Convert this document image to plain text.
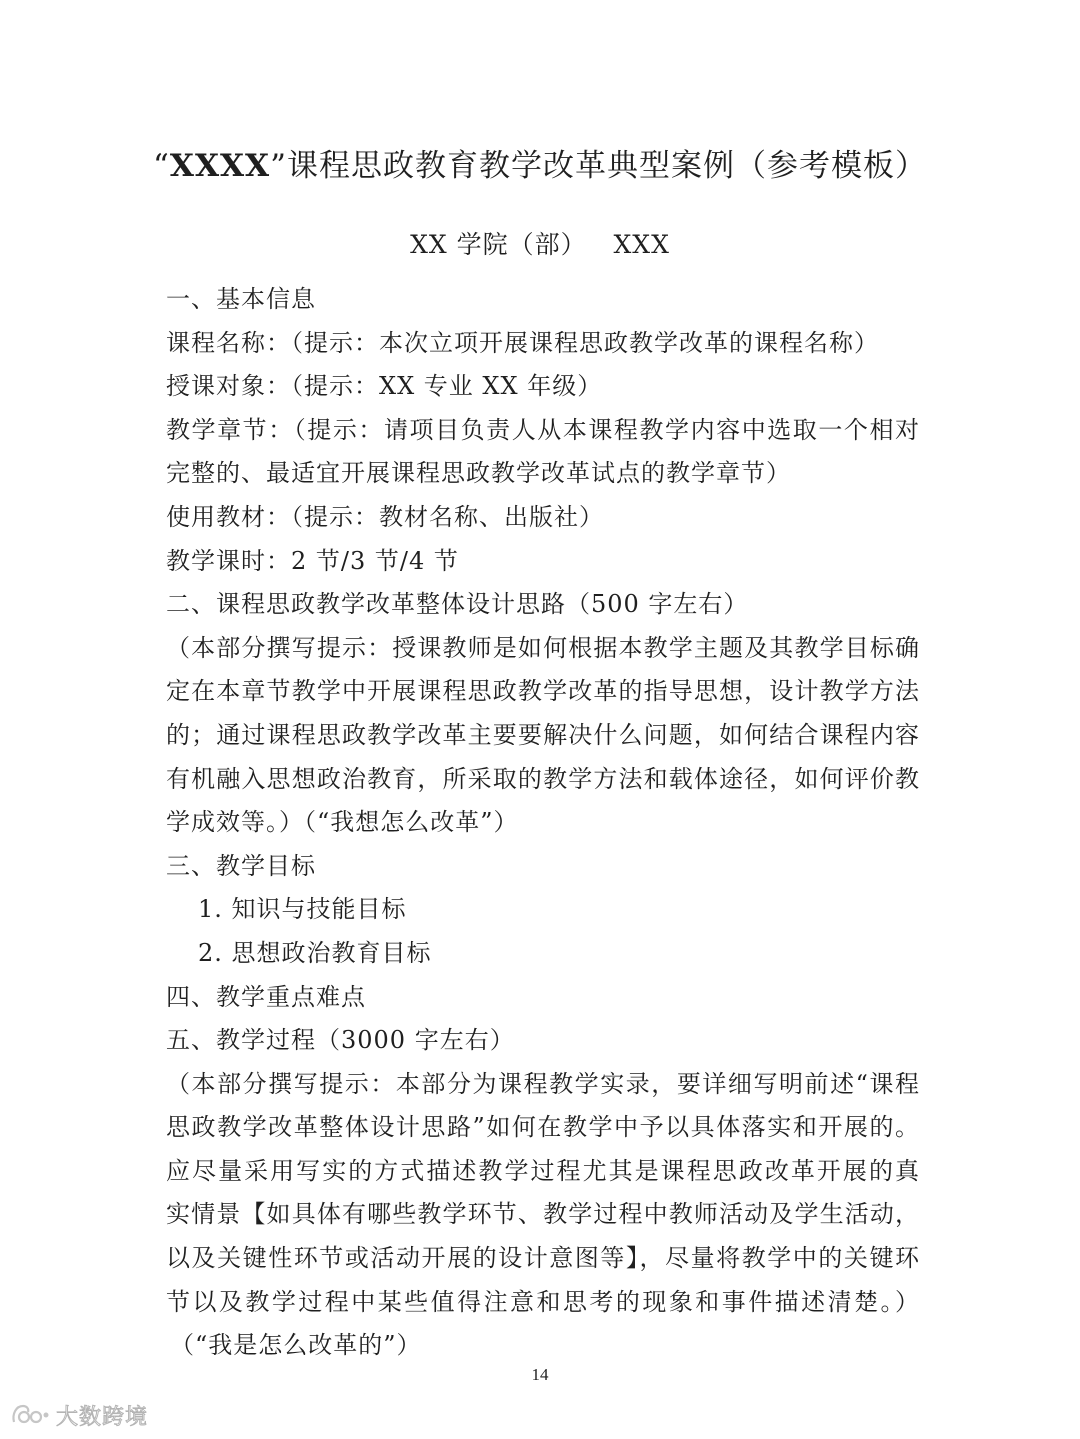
“XXXX”课程思政教育教学改革典型案例（参考模板）
XX 学院（部）   XXX
一、基本信息
课程名称：（提示：本次立项开展课程思政教学改革的课程名称）
授课对象：（提示：XX 专业 XX 年级）
教学章节：（提示：请项目负责人从本课程教学内容中选取一个相对
完整的、最适宜开展课程思政教学改革试点的教学章节）
使用教材：（提示：教材名称、出版社）
教学课时：2 节/3 节/4 节
二、课程思政教学改革整体设计思路（500 字左右）
（本部分撰写提示：授课教师是如何根据本教学主题及其教学目标确
定在本章节教学中开展课程思政教学改革的指导思想，设计教学方法
的；通过课程思政教学改革主要要解决什么问题，如何结合课程内容
有机融入思想政治教育，所采取的教学方法和载体途径，如何评价教
学成效等。）（“我想怎么改革”）
三、教学目标
1. 知识与技能目标
2. 思想政治教育目标
四、教学重点难点
五、教学过程（3000 字左右）
（本部分撰写提示：本部分为课程教学实录，要详细写明前述“课程
思政教学改革整体设计思路”如何在教学中予以具体落实和开展的。
应尽量采用写实的方式描述教学过程尤其是课程思政改革开展的真
实情景【如具体有哪些教学环节、教学过程中教师活动及学生活动，
以及关键性环节或活动开展的设计意图等】，尽量将教学中的关键环
节以及教学过程中某些值得注意和思考的现象和事件描述清楚。）
（“我是怎么改革的”）
14
大数跨境
